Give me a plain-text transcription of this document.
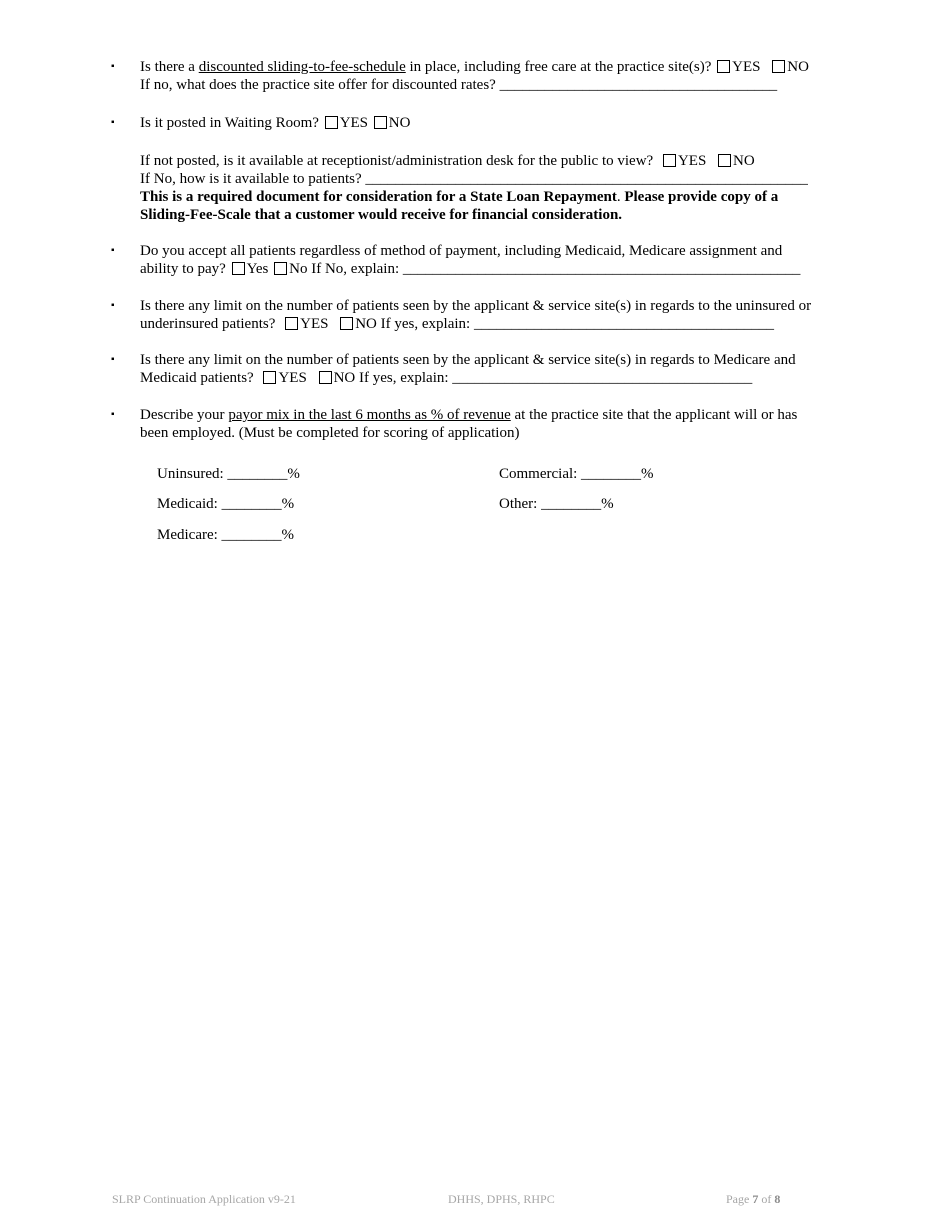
▪ Is there a discounted sliding-to-fee-schedule in place, including free care at the practice site(s)? YES NO
If no, what does the practice site offer for discounted rates? _____________________________________
▪ Is it posted in Waiting Room? YES NO
If not posted, is it available at receptionist/administration desk for the public to view? YES NO
If No, how is it available to patients? ___________________________________________________________
This is a required document for consideration for a State Loan Repayment. Please provide copy of a
Sliding-Fee-Scale that a customer would receive for financial consideration.
▪ Do you accept all patients regardless of method of payment, including Medicaid, Medicare assignment and
ability to pay? Yes No If No, explain: _____________________________________________________
▪ Is there any limit on the number of patients seen by the applicant & service site(s) in regards to the uninsured or
underinsured patients? YES NO If yes, explain: ________________________________________
▪ Is there any limit on the number of patients seen by the applicant & service site(s) in regards to Medicare and
Medicaid patients? YES NO If yes, explain: ________________________________________
▪ Describe your payor mix in the last 6 months as % of revenue at the practice site that the applicant will or has
been employed. (Must be completed for scoring of application)
Uninsured: ________%
Medicaid: ________%
Medicare: ________%
Commercial: ________%
Other: ________%
SLRP Continuation Application v9-21	DHHS, DPHS, RHPC	Page 7 of 8
